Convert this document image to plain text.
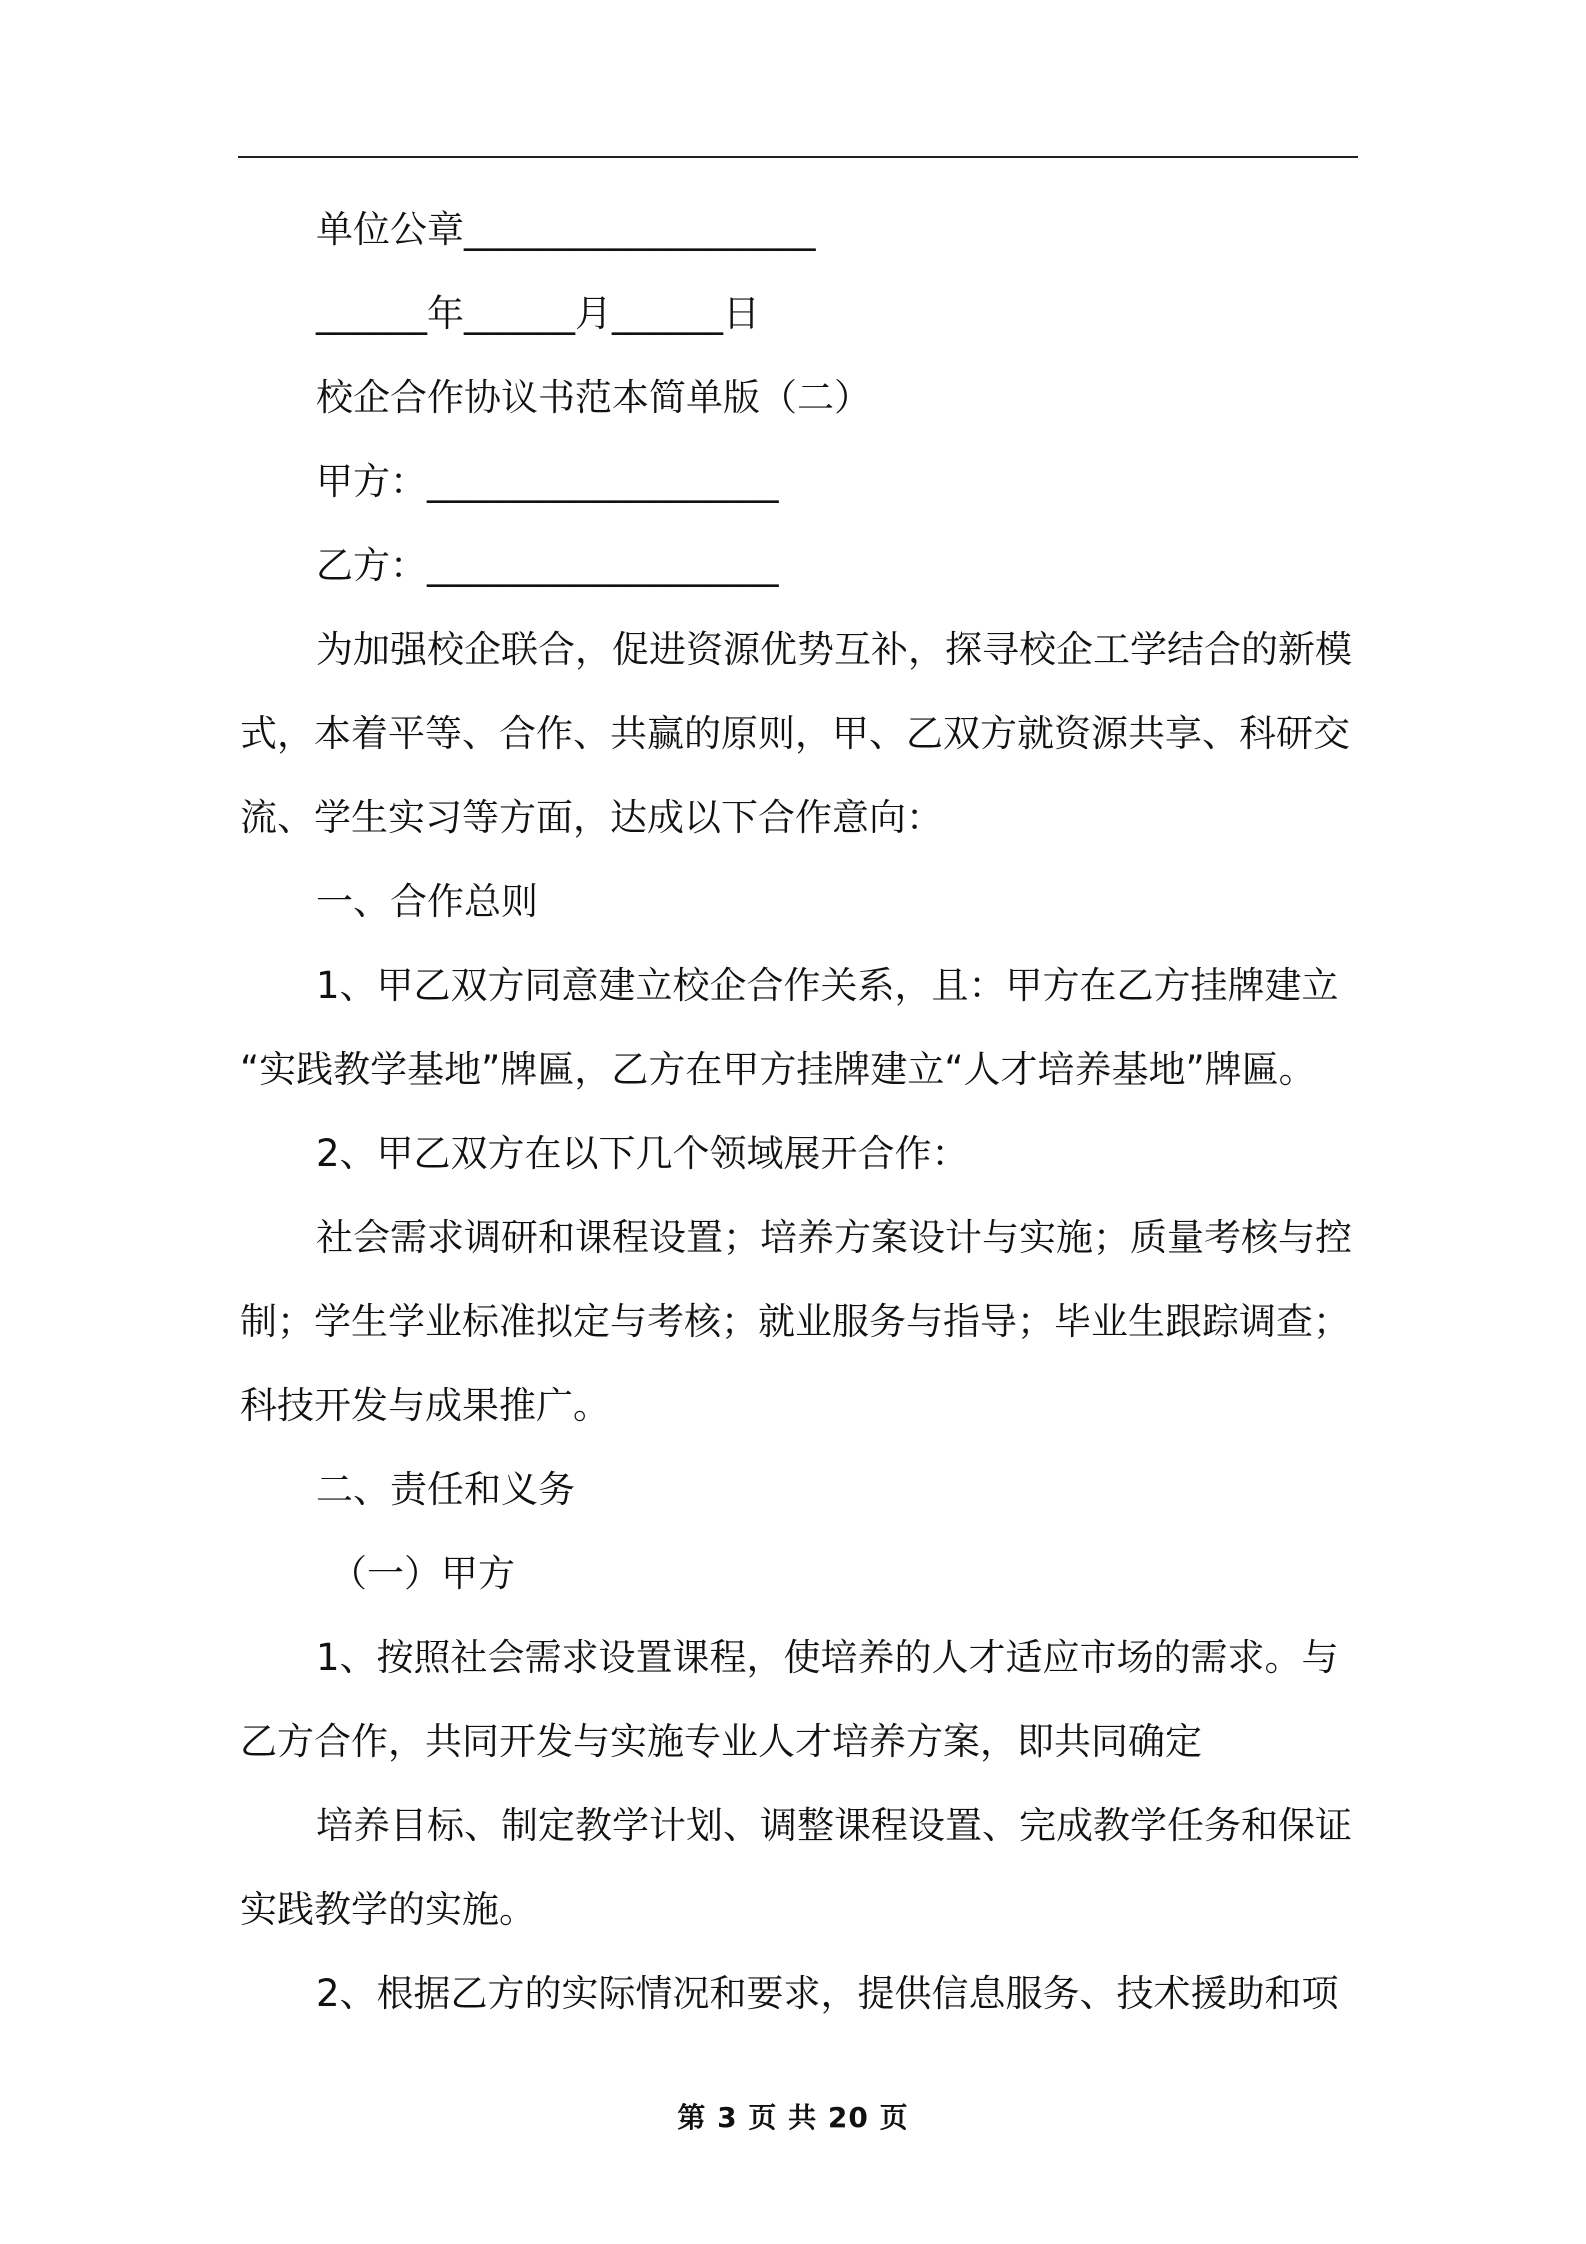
单位公章___________________
______年______月______日
校企合作协议书范本简单版（二）
甲方：___________________
乙方：___________________
为加强校企联合，促进资源优势互补，探寻校企工学结合的新模
式，本着平等、合作、共赢的原则，甲、乙双方就资源共享、科研交
流、学生实习等方面，达成以下合作意向：
一、合作总则
1、甲乙双方同意建立校企合作关系，且：甲方在乙方挂牌建立
“实践教学基地”牌匾，乙方在甲方挂牌建立“人才培养基地”牌匾。
2、甲乙双方在以下几个领域展开合作：
社会需求调研和课程设置；培养方案设计与实施；质量考核与控
制；学生学业标准拟定与考核；就业服务与指导；毕业生跟踪调查；
科技开发与成果推广。
二、责任和义务
（一）甲方
1、按照社会需求设置课程，使培养的人才适应市场的需求。与
乙方合作，共同开发与实施专业人才培养方案，即共同确定
培养目标、制定教学计划、调整课程设置、完成教学任务和保证
实践教学的实施。
2、根据乙方的实际情况和要求，提供信息服务、技术援助和项
第 3 页 共 20 页
